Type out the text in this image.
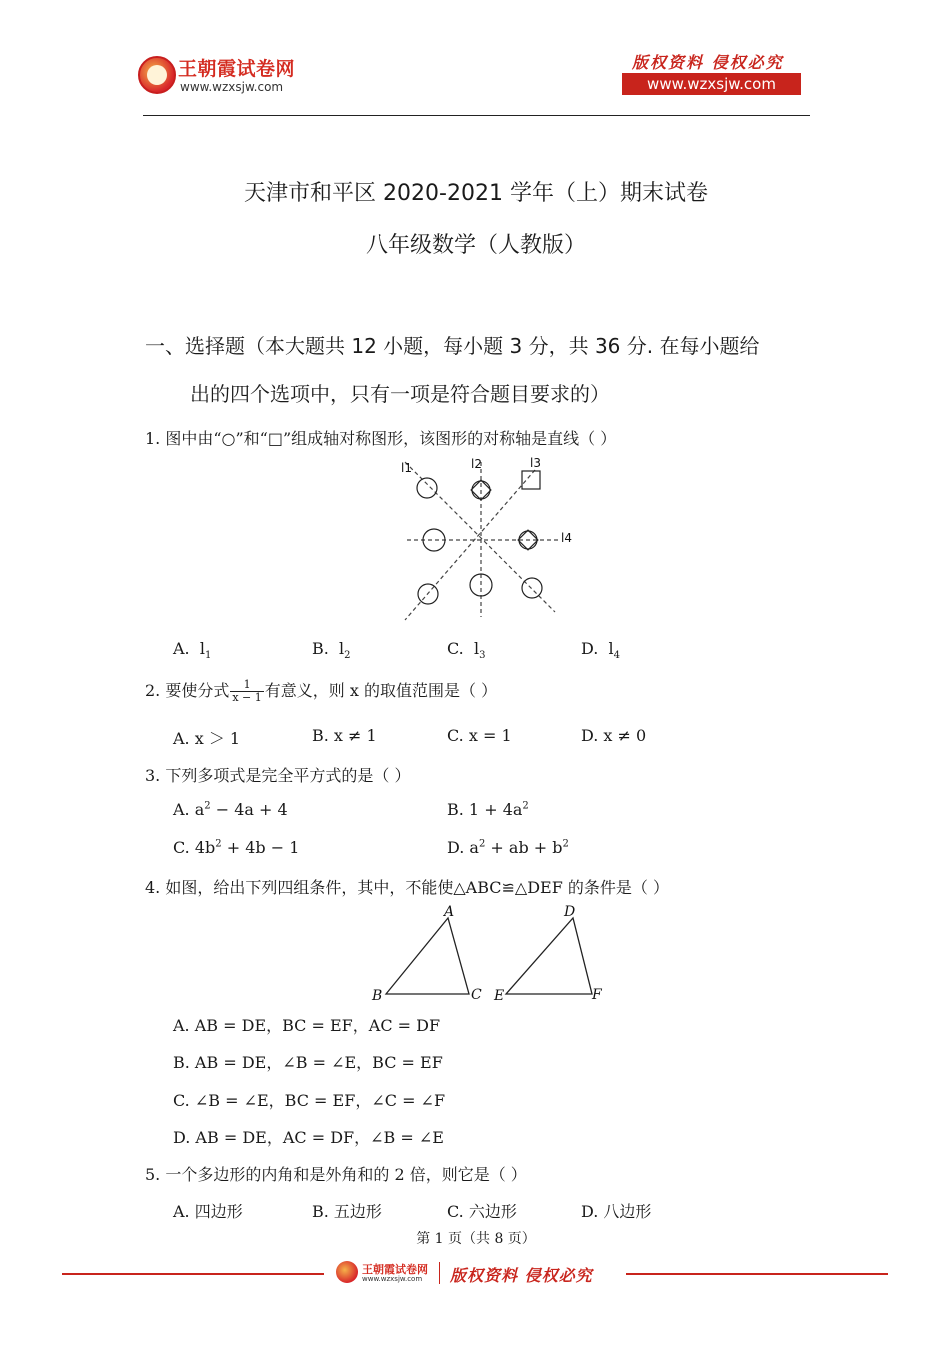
王朝霞试卷网
www.wzxsjw.com
版权资料 侵权必究
www.wzxsjw.com
天津市和平区 2020-2021 学年（上）期末试卷
八年级数学（人教版）
一、选择题（本大题共 12 小题，每小题 3 分，共 36 分. 在每小题给
出的四个选项中，只有一项是符合题目要求的）
1. 图中由“○”和“□”组成轴对称图形，该图形的对称轴是直线（ ）
l1	l2	l3
l4
A. $l_1$	B. $l_2$	C. $l_3$	D. $l_4$
2. 要使分式 $\frac{1}{x - 1}$ 有意义，则 x 的取值范围是（ ）
A. x ＞ 1	B. x ≠ 1	C. x = 1	D. x ≠ 0
3. 下列多项式是完全平方式的是（ ）
A. $a^2 - 4a + 4$	B. $1 + 4a^2$
C. $4b^2 + 4b - 1$	D. $a^2$ + ab + $b^2$
4. 如图，给出下列四组条件，其中，不能使△ABC≌△DEF 的条件是（ ）
A
B	C
D
E	F
A. AB = DE，BC = EF，AC = DF
B. AB = DE，∠B = ∠E，BC = EF
C. ∠B = ∠E，BC = EF，∠C = ∠F
D. AB = DE，AC = DF，∠B = ∠E
5. 一个多边形的内角和是外角和的 2 倍，则它是（ ）
A. 四边形	B. 五边形	C. 六边形	D. 八边形
第 1 页（共 8 页）
王朝霞试卷网
www.wzxsjw.com 版权资料 侵权必究
